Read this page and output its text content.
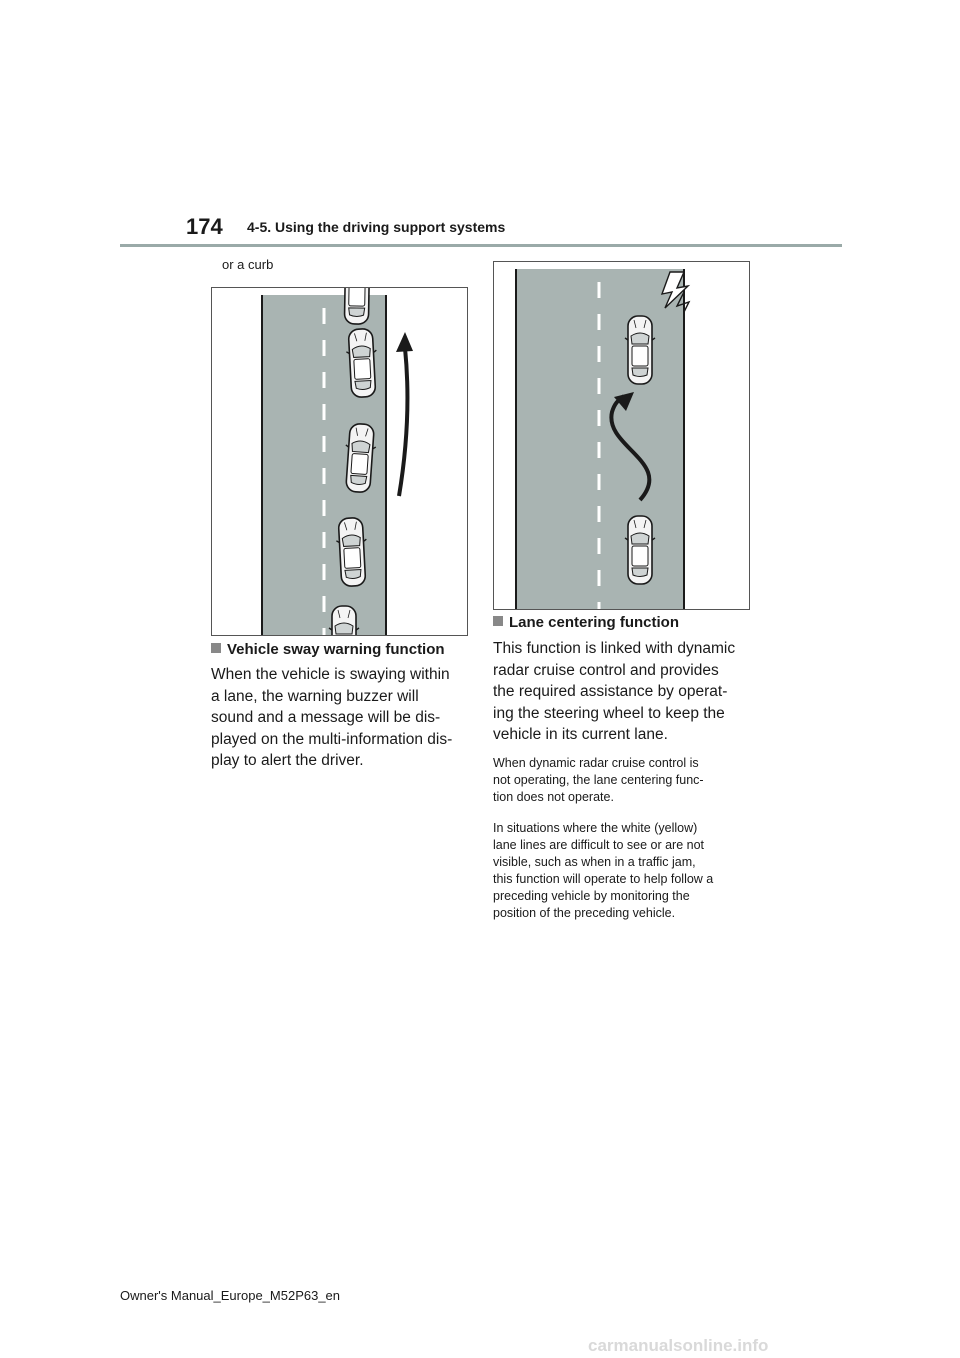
174 4-5. Using the driving support systems
or a curb
Vehicle sway warning function
When the vehicle is swaying within
a lane, the warning buzzer will
sound and a message will be dis-
played on the multi-information dis-
play to alert the driver.
Lane centering function
This function is linked with dynamic
radar cruise control and provides
the required assistance by operat-
ing the steering wheel to keep the
vehicle in its current lane.
When dynamic radar cruise control is
not operating, the lane centering func-
tion does not operate.
In situations where the white (yellow)
lane lines are difficult to see or are not
visible, such as when in a traffic jam,
this function will operate to help follow a
preceding vehicle by monitoring the
position of the preceding vehicle.
Owner's Manual_Europe_M52P63_en
carmanualsonline.info
